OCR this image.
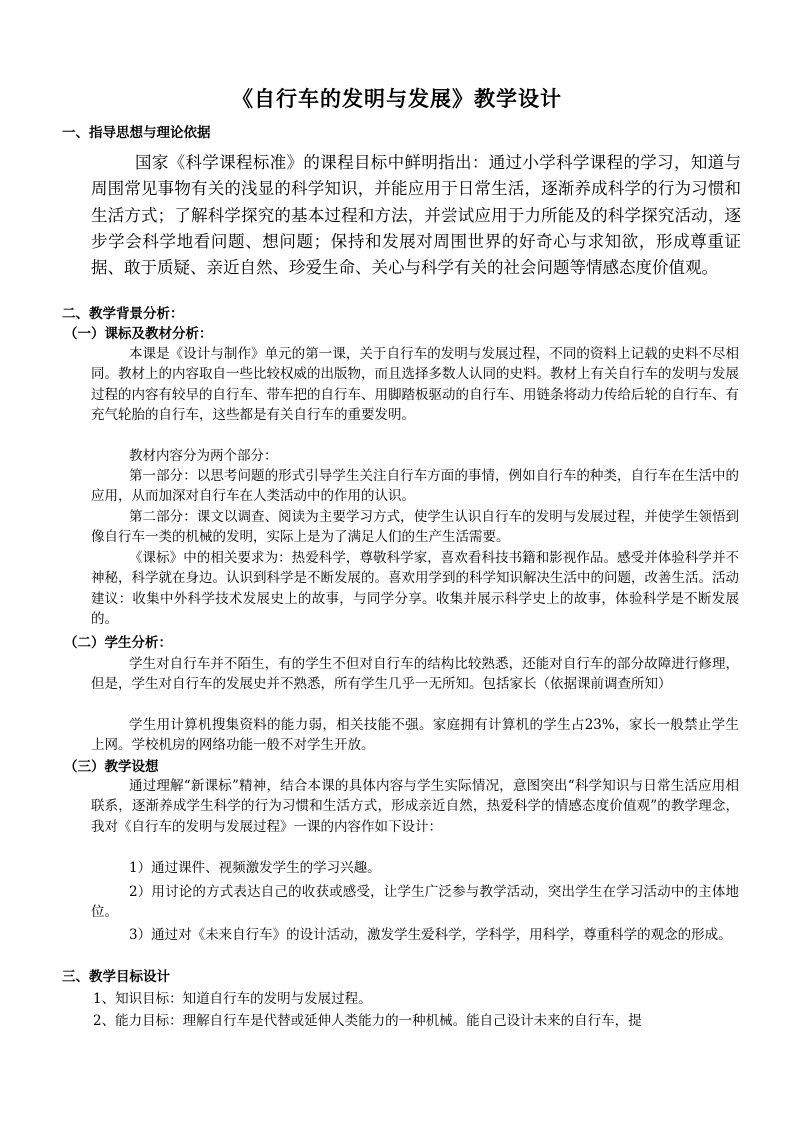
《自行车的发明与发展》教学设计
一、指导思想与理论依据
国家《科学课程标准》的课程目标中鲜明指出：通过小学科学课程的学习，知道与周围常见事物有关的浅显的科学知识，并能应用于日常生活，逐渐养成科学的行为习惯和生活方式；了解科学探究的基本过程和方法，并尝试应用于力所能及的科学探究活动，逐步学会科学地看问题、想问题；保持和发展对周围世界的好奇心与求知欲，形成尊重证据、敢于质疑、亲近自然、珍爱生命、关心与科学有关的社会问题等情感态度价值观。
二、教学背景分析：
（一）课标及教材分析：
本课是《设计与制作》单元的第一课，关于自行车的发明与发展过程，不同的资料上记载的史料不尽相同。教材上的内容取自一些比较权威的出版物，而且选择多数人认同的史料。教材上有关自行车的发明与发展过程的内容有较早的自行车、带车把的自行车、用脚踏板驱动的自行车、用链条将动力传给后轮的自行车、有充气轮胎的自行车，这些都是有关自行车的重要发明。
教材内容分为两个部分：
第一部分：以思考问题的形式引导学生关注自行车方面的事情，例如自行车的种类，自行车在生活中的应用，从而加深对自行车在人类活动中的作用的认识。
第二部分：课文以调查、阅读为主要学习方式，使学生认识自行车的发明与发展过程，并使学生领悟到像自行车一类的机械的发明，实际上是为了满足人们的生产生活需要。
《课标》中的相关要求为：热爱科学，尊敬科学家，喜欢看科技书籍和影视作品。感受并体验科学并不神秘，科学就在身边。认识到科学是不断发展的。喜欢用学到的科学知识解决生活中的问题，改善生活。活动建议：收集中外科学技术发展史上的故事，与同学分享。收集并展示科学史上的故事，体验科学是不断发展的。
（二）学生分析：
学生对自行车并不陌生，有的学生不但对自行车的结构比较熟悉，还能对自行车的部分故障进行修理，但是，学生对自行车的发展史并不熟悉，所有学生几乎一无所知。包括家长（依据课前调查所知）
学生用计算机搜集资料的能力弱，相关技能不强。家庭拥有计算机的学生占23%，家长一般禁止学生上网。学校机房的网络功能一般不对学生开放。
（三）教学设想
通过理解“新课标”精神，结合本课的具体内容与学生实际情况，意图突出“科学知识与日常生活应用相联系，逐渐养成学生科学的行为习惯和生活方式，形成亲近自然，热爱科学的情感态度价值观”的教学理念，我对《自行车的发明与发展过程》一课的内容作如下设计：
1）通过课件、视频激发学生的学习兴趣。
2）用讨论的方式表达自己的收获或感受，让学生广泛参与教学活动，突出学生在学习活动中的主体地位。
3）通过对《未来自行车》的设计活动，激发学生爱科学，学科学，用科学，尊重科学的观念的形成。
三、教学目标设计
1、知识目标：知道自行车的发明与发展过程。
2、能力目标：理解自行车是代替或延伸人类能力的一种机械。能自己设计未来的自行车，提
